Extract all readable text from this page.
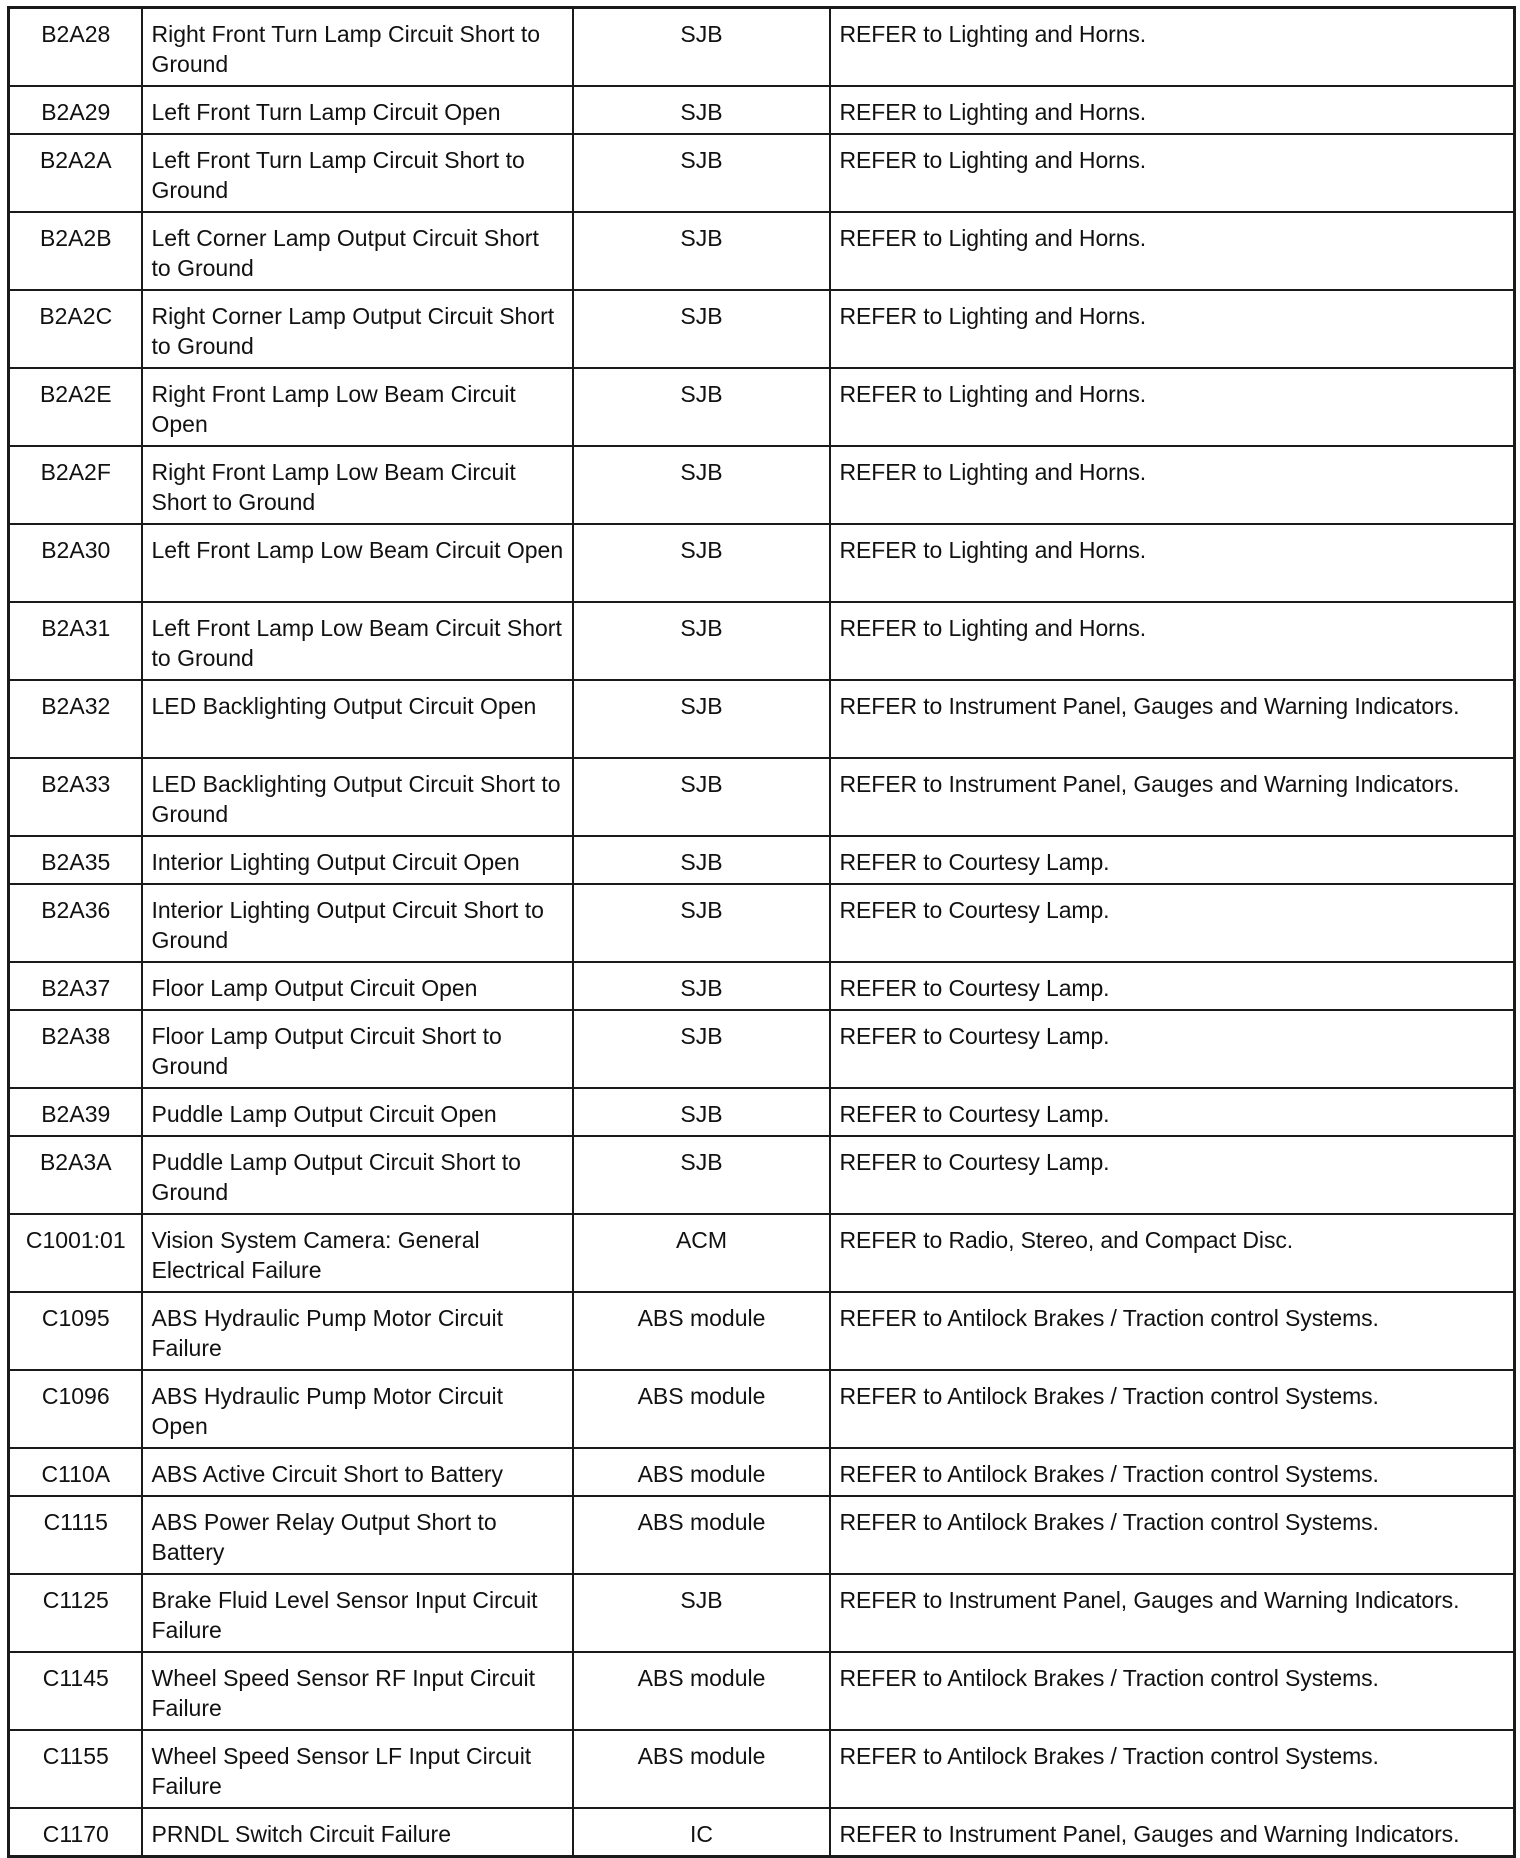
B2A28	Right Front Turn Lamp Circuit Short to Ground	SJB	REFER to Lighting and Horns.
B2A29	Left Front Turn Lamp Circuit Open	SJB	REFER to Lighting and Horns.
B2A2A	Left Front Turn Lamp Circuit Short to Ground	SJB	REFER to Lighting and Horns.
B2A2B	Left Corner Lamp Output Circuit Short to Ground	SJB	REFER to Lighting and Horns.
B2A2C	Right Corner Lamp Output Circuit Short to Ground	SJB	REFER to Lighting and Horns.
B2A2E	Right Front Lamp Low Beam Circuit Open	SJB	REFER to Lighting and Horns.
B2A2F	Right Front Lamp Low Beam Circuit Short to Ground	SJB	REFER to Lighting and Horns.
B2A30	Left Front Lamp Low Beam Circuit Open	SJB	REFER to Lighting and Horns.
B2A31	Left Front Lamp Low Beam Circuit Short to Ground	SJB	REFER to Lighting and Horns.
B2A32	LED Backlighting Output Circuit Open	SJB	REFER to Instrument Panel, Gauges and Warning Indicators.
B2A33	LED Backlighting Output Circuit Short to Ground	SJB	REFER to Instrument Panel, Gauges and Warning Indicators.
B2A35	Interior Lighting Output Circuit Open	SJB	REFER to Courtesy Lamp.
B2A36	Interior Lighting Output Circuit Short to Ground	SJB	REFER to Courtesy Lamp.
B2A37	Floor Lamp Output Circuit Open	SJB	REFER to Courtesy Lamp.
B2A38	Floor Lamp Output Circuit Short to Ground	SJB	REFER to Courtesy Lamp.
B2A39	Puddle Lamp Output Circuit Open	SJB	REFER to Courtesy Lamp.
B2A3A	Puddle Lamp Output Circuit Short to Ground	SJB	REFER to Courtesy Lamp.
C1001:01	Vision System Camera: General Electrical Failure	ACM	REFER to Radio, Stereo, and Compact Disc.
C1095	ABS Hydraulic Pump Motor Circuit Failure	ABS module	REFER to Antilock Brakes / Traction control Systems.
C1096	ABS Hydraulic Pump Motor Circuit Open	ABS module	REFER to Antilock Brakes / Traction control Systems.
C110A	ABS Active Circuit Short to Battery	ABS module	REFER to Antilock Brakes / Traction control Systems.
C1115	ABS Power Relay Output Short to Battery	ABS module	REFER to Antilock Brakes / Traction control Systems.
C1125	Brake Fluid Level Sensor Input Circuit Failure	SJB	REFER to Instrument Panel, Gauges and Warning Indicators.
C1145	Wheel Speed Sensor RF Input Circuit Failure	ABS module	REFER to Antilock Brakes / Traction control Systems.
C1155	Wheel Speed Sensor LF Input Circuit Failure	ABS module	REFER to Antilock Brakes / Traction control Systems.
C1170	PRNDL Switch Circuit Failure	IC	REFER to Instrument Panel, Gauges and Warning Indicators.
